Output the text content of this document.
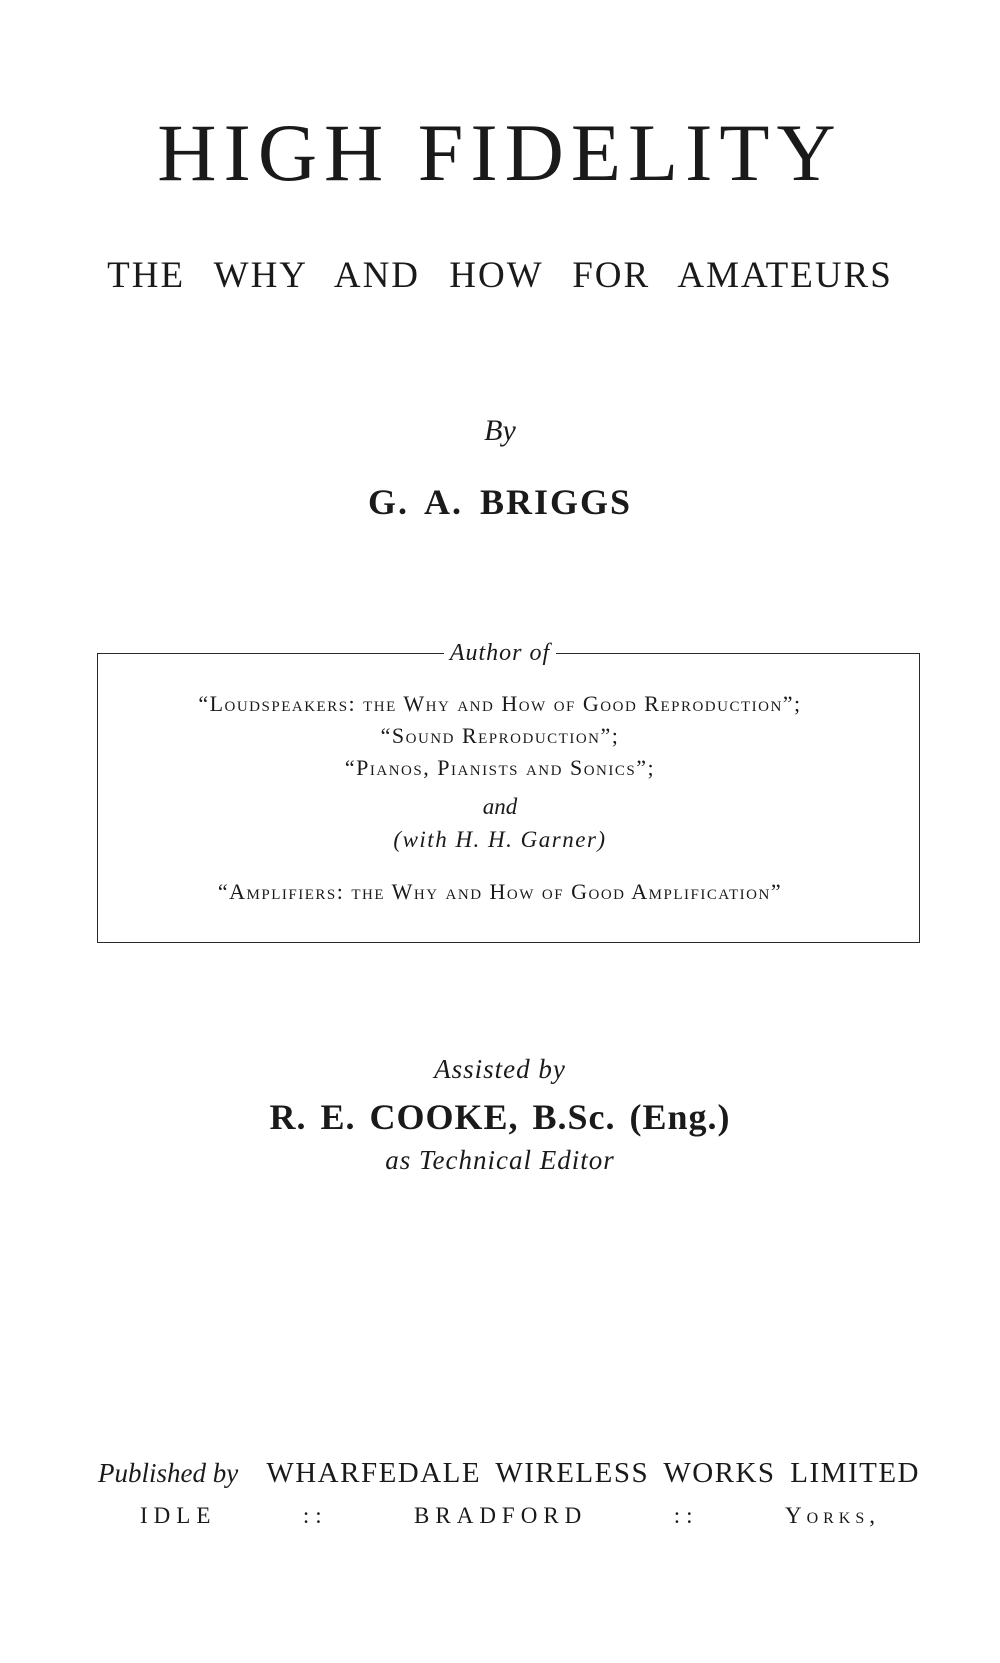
HIGH FIDELITY
THE WHY AND HOW FOR AMATEURS
By
G. A. BRIGGS
Author of
“Loudspeakers: the Why and How of Good Reproduction”;
“Sound Reproduction”;
“Pianos, Pianists and Sonics”;
and
(with H. H. Garner)
“Amplifiers: the Why and How of Good Amplification”
Assisted by
R. E. COOKE, B.Sc. (Eng.)
as Technical Editor
Published by WHARFEDALE WIRELESS WORKS LIMITED
IDLE	::	BRADFORD	::	Yorks,
